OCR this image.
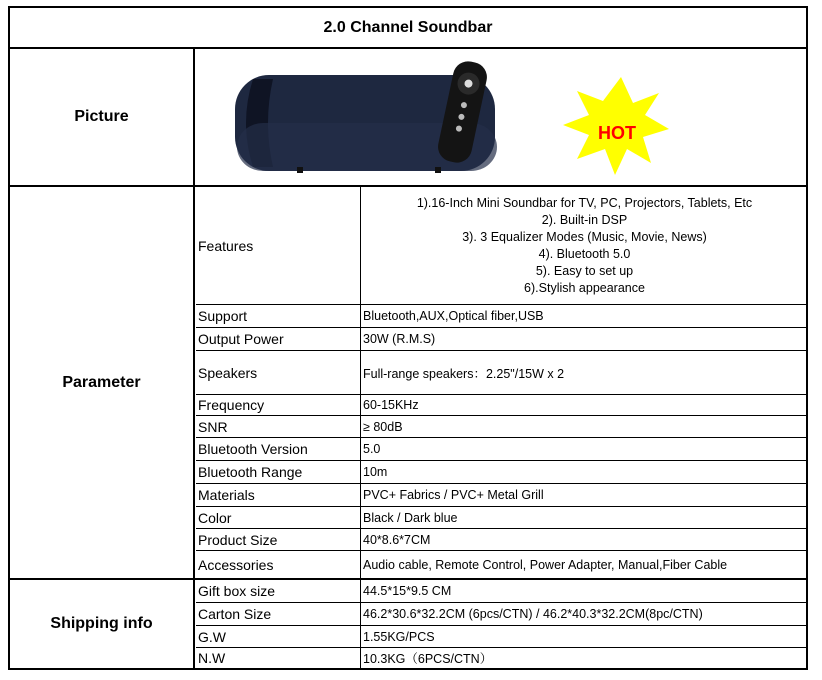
2.0 Channel Soundbar
Picture
HOT
Parameter
Features
1).16-Inch Mini Soundbar for TV, PC, Projectors, Tablets, Etc
2). Built-in DSP
3). 3 Equalizer Modes (Music, Movie, News)
4). Bluetooth 5.0
5). Easy to set up
6).Stylish appearance
Support	Bluetooth,AUX,Optical fiber,USB
Output Power	30W (R.M.S)
Speakers	Full-range speakers：2.25"/15W x 2
Frequency	60-15KHz
SNR	≥ 80dB
Bluetooth Version	5.0
Bluetooth Range	10m
Materials	PVC+ Fabrics / PVC+ Metal Grill
Color	Black / Dark blue
Product Size	40*8.6*7CM
Accessories	Audio cable, Remote Control, Power Adapter, Manual,Fiber Cable
Shipping info
Gift box size	44.5*15*9.5 CM
Carton Size	46.2*30.6*32.2CM (6pcs/CTN) / 46.2*40.3*32.2CM(8pc/CTN)
G.W	1.55KG/PCS
N.W	10.3KG（6PCS/CTN）
